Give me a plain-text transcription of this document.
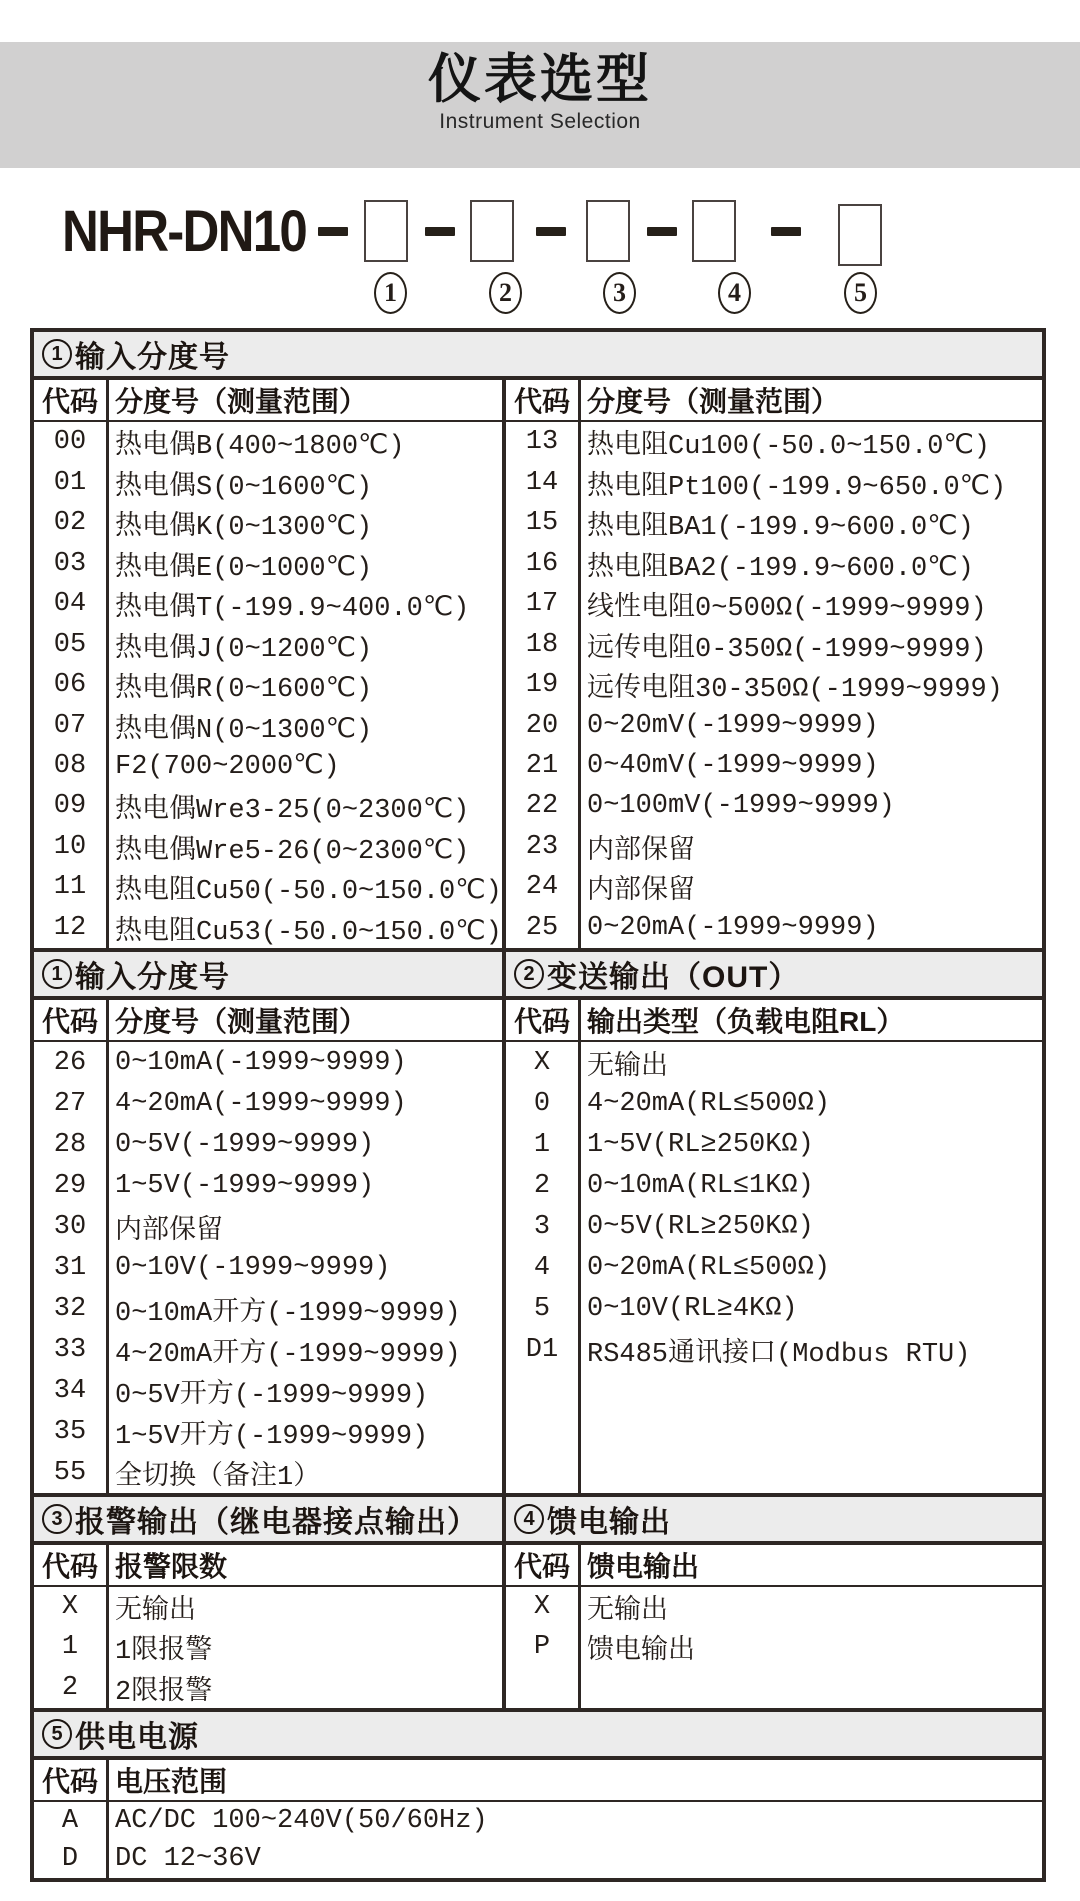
仪表选型
Instrument Selection
NHR-DN10
1	2	3	4	5
1 输入分度号
代码 分度号（测量范围）
00	热电偶B(400~1800℃)
01	热电偶S(0~1600℃)
02	热电偶K(0~1300℃)
03	热电偶E(0~1000℃)
04	热电偶T(-199.9~400.0℃)
05	热电偶J(0~1200℃)
06	热电偶R(0~1600℃)
07	热电偶N(0~1300℃)
08	F2(700~2000℃)
09	热电偶Wre3-25(0~2300℃)
10	热电偶Wre5-26(0~2300℃)
11	热电阻Cu50(-50.0~150.0℃)
12	热电阻Cu53(-50.0~150.0℃)
代码 分度号（测量范围）
13	热电阻Cu100(-50.0~150.0℃)
14	热电阻Pt100(-199.9~650.0℃)
15	热电阻BA1(-199.9~600.0℃)
16	热电阻BA2(-199.9~600.0℃)
17	线性电阻0~500Ω(-1999~9999)
18	远传电阻0-350Ω(-1999~9999)
19	远传电阻30-350Ω(-1999~9999)
20	0~20mV(-1999~9999)
21	0~40mV(-1999~9999)
22	0~100mV(-1999~9999)
23	内部保留
24	内部保留
25	0~20mA(-1999~9999)
1 输入分度号	2 变送输出（OUT）
代码 分度号（测量范围）
26	0~10mA(-1999~9999)
27	4~20mA(-1999~9999)
28	0~5V(-1999~9999)
29	1~5V(-1999~9999)
30	内部保留
31	0~10V(-1999~9999)
32	0~10mA开方(-1999~9999)
33	4~20mA开方(-1999~9999)
34	0~5V开方(-1999~9999)
35	1~5V开方(-1999~9999)
55	全切换（备注1）
代码 输出类型（负载电阻RL）
X	无输出
0	4~20mA(RL≤500Ω)
1	1~5V(RL≥250KΩ)
2	0~10mA(RL≤1KΩ)
3	0~5V(RL≥250KΩ)
4	0~20mA(RL≤500Ω)
5	0~10V(RL≥4KΩ)
D1	RS485通讯接口(Modbus RTU)
3 报警输出（继电器接点输出）	4 馈电输出
代码 报警限数
X	无输出
1	1限报警
2	2限报警
代码 馈电输出
X	无输出
P	馈电输出
5 供电电源
代码 电压范围
A	AC/DC 100~240V(50/60Hz)
D	DC 12~36V
